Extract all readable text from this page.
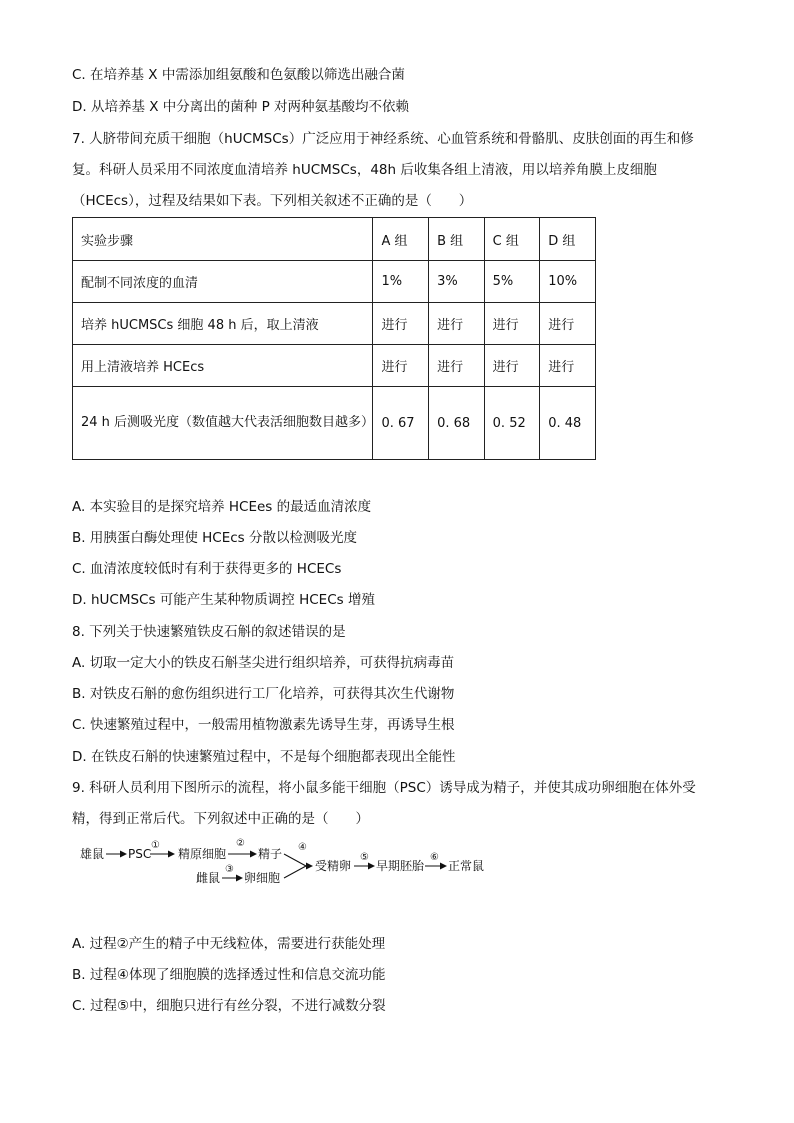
C. 在培养基 X 中需添加组氨酸和色氨酸以筛选出融合菌
D. 从培养基 X 中分离出的菌种 P 对两种氨基酸均不依赖
7. 人脐带间充质干细胞（hUCMSCs）广泛应用于神经系统、心血管系统和骨骼肌、皮肤创面的再生和修
复。科研人员采用不同浓度血清培养 hUCMSCs，48h 后收集各组上清液，用以培养角膜上皮细胞
（HCEcs），过程及结果如下表。下列相关叙述不正确的是（　　）
实验步骤	A 组	B 组	C 组	D 组
配制不同浓度的血清	1%	3%	5%	10%
培养 hUCMSCs 细胞 48 h 后，取上清液	进行	进行	进行	进行
用上清液培养 HCEcs	进行	进行	进行	进行
24 h 后测吸光度（数值越大代表活细胞数目越多）	0. 67	0. 68	0. 52	0. 48
A. 本实验目的是探究培养 HCEes 的最适血清浓度
B. 用胰蛋白酶处理使 HCEcs 分散以检测吸光度
C. 血清浓度较低时有利于获得更多的 HCECs
D. hUCMSCs 可能产生某种物质调控 HCECs 增殖
8. 下列关于快速繁殖铁皮石斛的叙述错误的是
A. 切取一定大小的铁皮石斛茎尖进行组织培养，可获得抗病毒苗
B. 对铁皮石斛的愈伤组织进行工厂化培养，可获得其次生代谢物
C. 快速繁殖过程中，一般需用植物激素先诱导生芽，再诱导生根
D. 在铁皮石斛的快速繁殖过程中，不是每个细胞都表现出全能性
9. 科研人员利用下图所示的流程，将小鼠多能干细胞（PSC）诱导成为精子，并使其成功卵细胞在体外受
精，得到正常后代。下列叙述中正确的是（　　）
雄鼠
①
PSC 精原细胞
②
精子
雌鼠
③
卵细胞
④
受精卵
⑤
早期胚胎
⑥
正常鼠
A. 过程②产生的精子中无线粒体，需要进行获能处理
B. 过程④体现了细胞膜的选择透过性和信息交流功能
C. 过程⑤中，细胞只进行有丝分裂，不进行减数分裂
